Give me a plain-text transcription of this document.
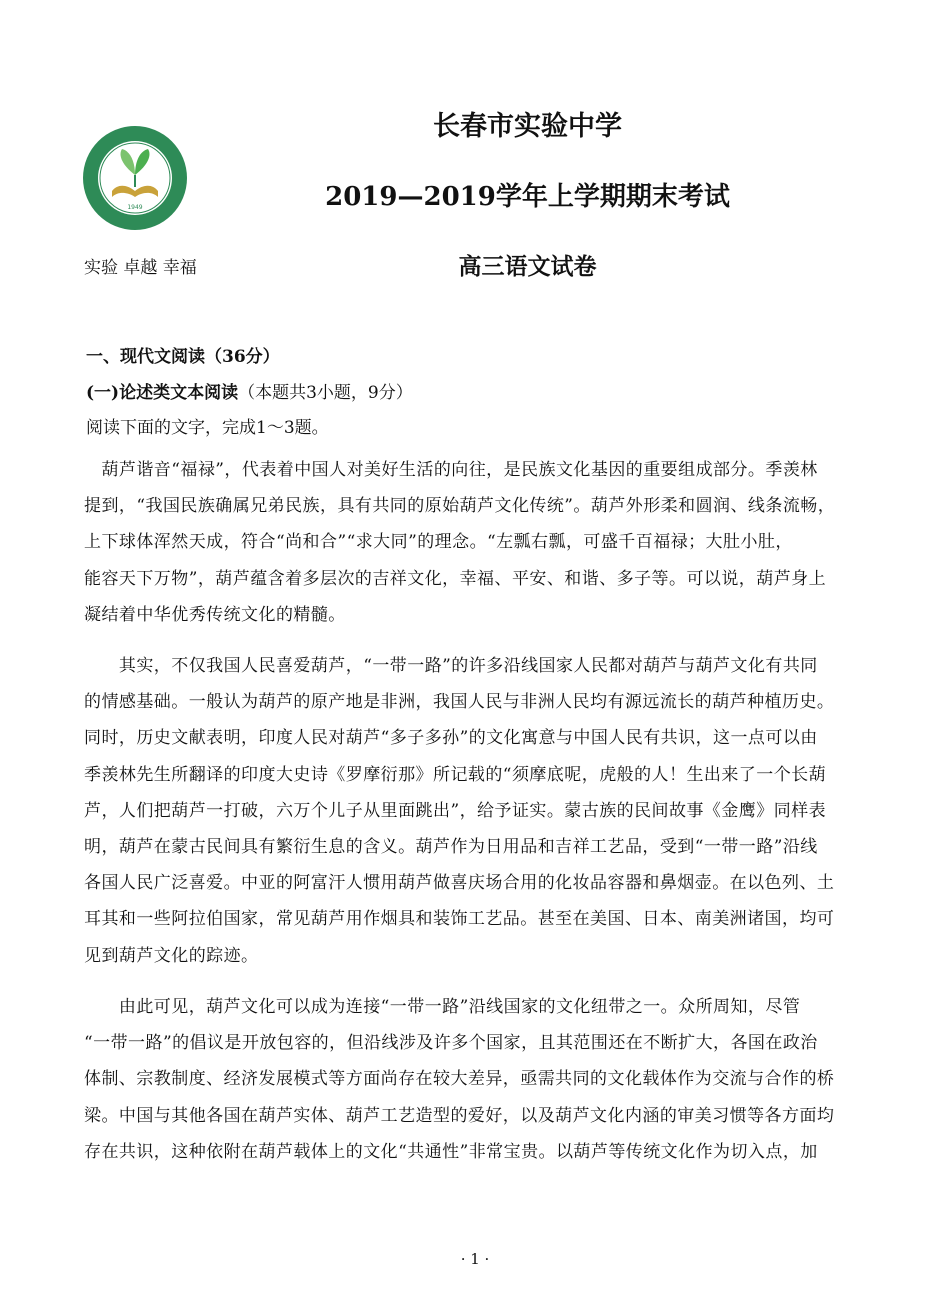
1949
长春市实验中学
2019—2019学年上学期期末考试
实验 卓越 幸福	高三语文试卷
一、现代文阅读（36分）
(一)论述类文本阅读（本题共3小题，9分）
阅读下面的文字，完成1～3题。
　葫芦谐音“福禄”，代表着中国人对美好生活的向往，是民族文化基因的重要组成部分。季羡林
提到，“我国民族确属兄弟民族，具有共同的原始葫芦文化传统”。葫芦外形柔和圆润、线条流畅，
上下球体浑然天成，符合“尚和合”“求大同”的理念。“左瓢右瓢，可盛千百福禄；大肚小肚，
能容天下万物”，葫芦蕴含着多层次的吉祥文化，幸福、平安、和谐、多子等。可以说，葫芦身上
凝结着中华优秀传统文化的精髓。
　　其实，不仅我国人民喜爱葫芦，“一带一路”的许多沿线国家人民都对葫芦与葫芦文化有共同
的情感基础。一般认为葫芦的原产地是非洲，我国人民与非洲人民均有源远流长的葫芦种植历史。
同时，历史文献表明，印度人民对葫芦“多子多孙”的文化寓意与中国人民有共识，这一点可以由
季羡林先生所翻译的印度大史诗《罗摩衍那》所记载的“须摩底呢，虎般的人！生出来了一个长葫
芦，人们把葫芦一打破，六万个儿子从里面跳出”，给予证实。蒙古族的民间故事《金鹰》同样表
明，葫芦在蒙古民间具有繁衍生息的含义。葫芦作为日用品和吉祥工艺品，受到“一带一路”沿线
各国人民广泛喜爱。中亚的阿富汗人惯用葫芦做喜庆场合用的化妆品容器和鼻烟壶。在以色列、土
耳其和一些阿拉伯国家，常见葫芦用作烟具和装饰工艺品。甚至在美国、日本、南美洲诸国，均可
见到葫芦文化的踪迹。
　　由此可见，葫芦文化可以成为连接“一带一路”沿线国家的文化纽带之一。众所周知，尽管
“一带一路”的倡议是开放包容的，但沿线涉及许多个国家，且其范围还在不断扩大，各国在政治
体制、宗教制度、经济发展模式等方面尚存在较大差异，亟需共同的文化载体作为交流与合作的桥
梁。中国与其他各国在葫芦实体、葫芦工艺造型的爱好，以及葫芦文化内涵的审美习惯等各方面均
存在共识，这种依附在葫芦载体上的文化“共通性”非常宝贵。以葫芦等传统文化作为切入点，加
· 1 ·
